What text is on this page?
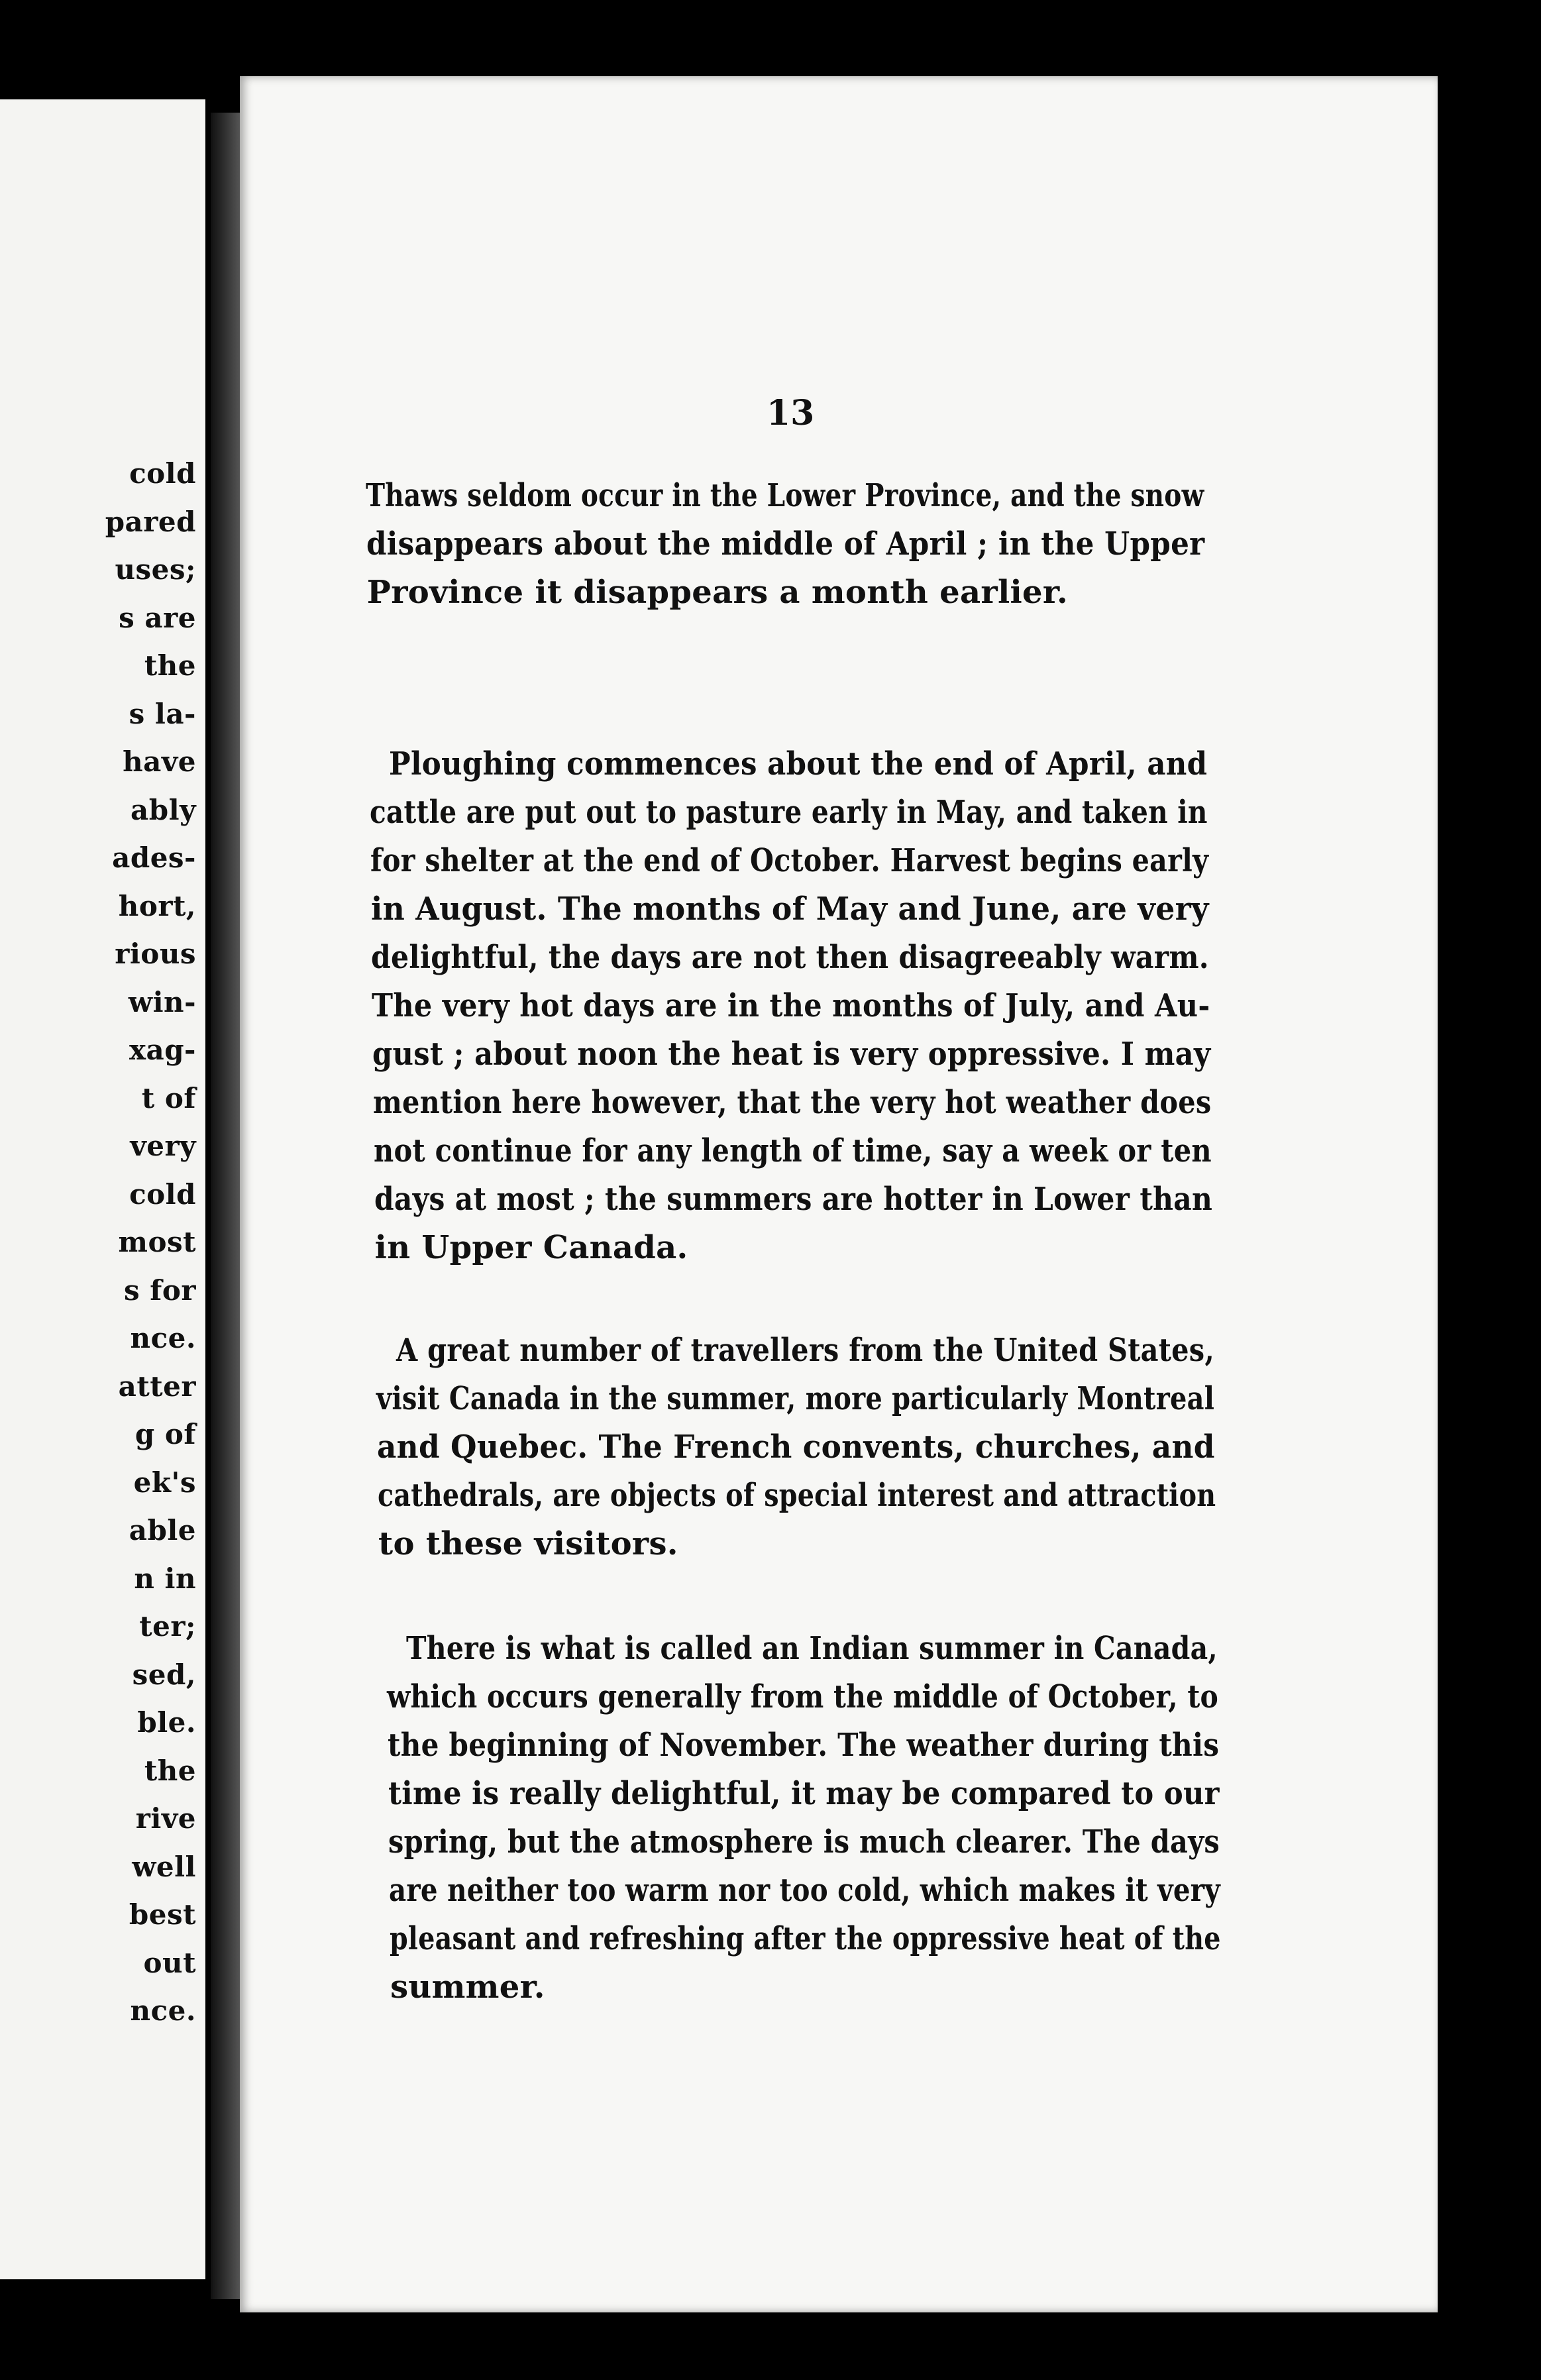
cold
pared
uses;
s are
the
s la-
have
ably
ades-
hort,
rious
win-
xag-
t of
very
cold
most
s for
nce.
atter
g of
ek's
able
n in
ter;
sed,
ble.
the
rive
well
best
out
nce.
13
Thaws seldom occur in the Lower Province, and the snow
disappears about the middle of April ; in the Upper
Province it disappears a month earlier.
Ploughing commences about the end of April, and
cattle are put out to pasture early in May, and taken in
for shelter at the end of October. Harvest begins early
in August. The months of May and June, are very
delightful, the days are not then disagreeably warm.
The very hot days are in the months of July, and Au-
gust ; about noon the heat is very oppressive. I may
mention here however, that the very hot weather does
not continue for any length of time, say a week or ten
days at most ; the summers are hotter in Lower than
in Upper Canada.
A great number of travellers from the United States,
visit Canada in the summer, more particularly Montreal
and Quebec. The French convents, churches, and
cathedrals, are objects of special interest and attraction
to these visitors.
There is what is called an Indian summer in Canada,
which occurs generally from the middle of October, to
the beginning of November. The weather during this
time is really delightful, it may be compared to our
spring, but the atmosphere is much clearer. The days
are neither too warm nor too cold, which makes it very
pleasant and refreshing after the oppressive heat of the
summer.
